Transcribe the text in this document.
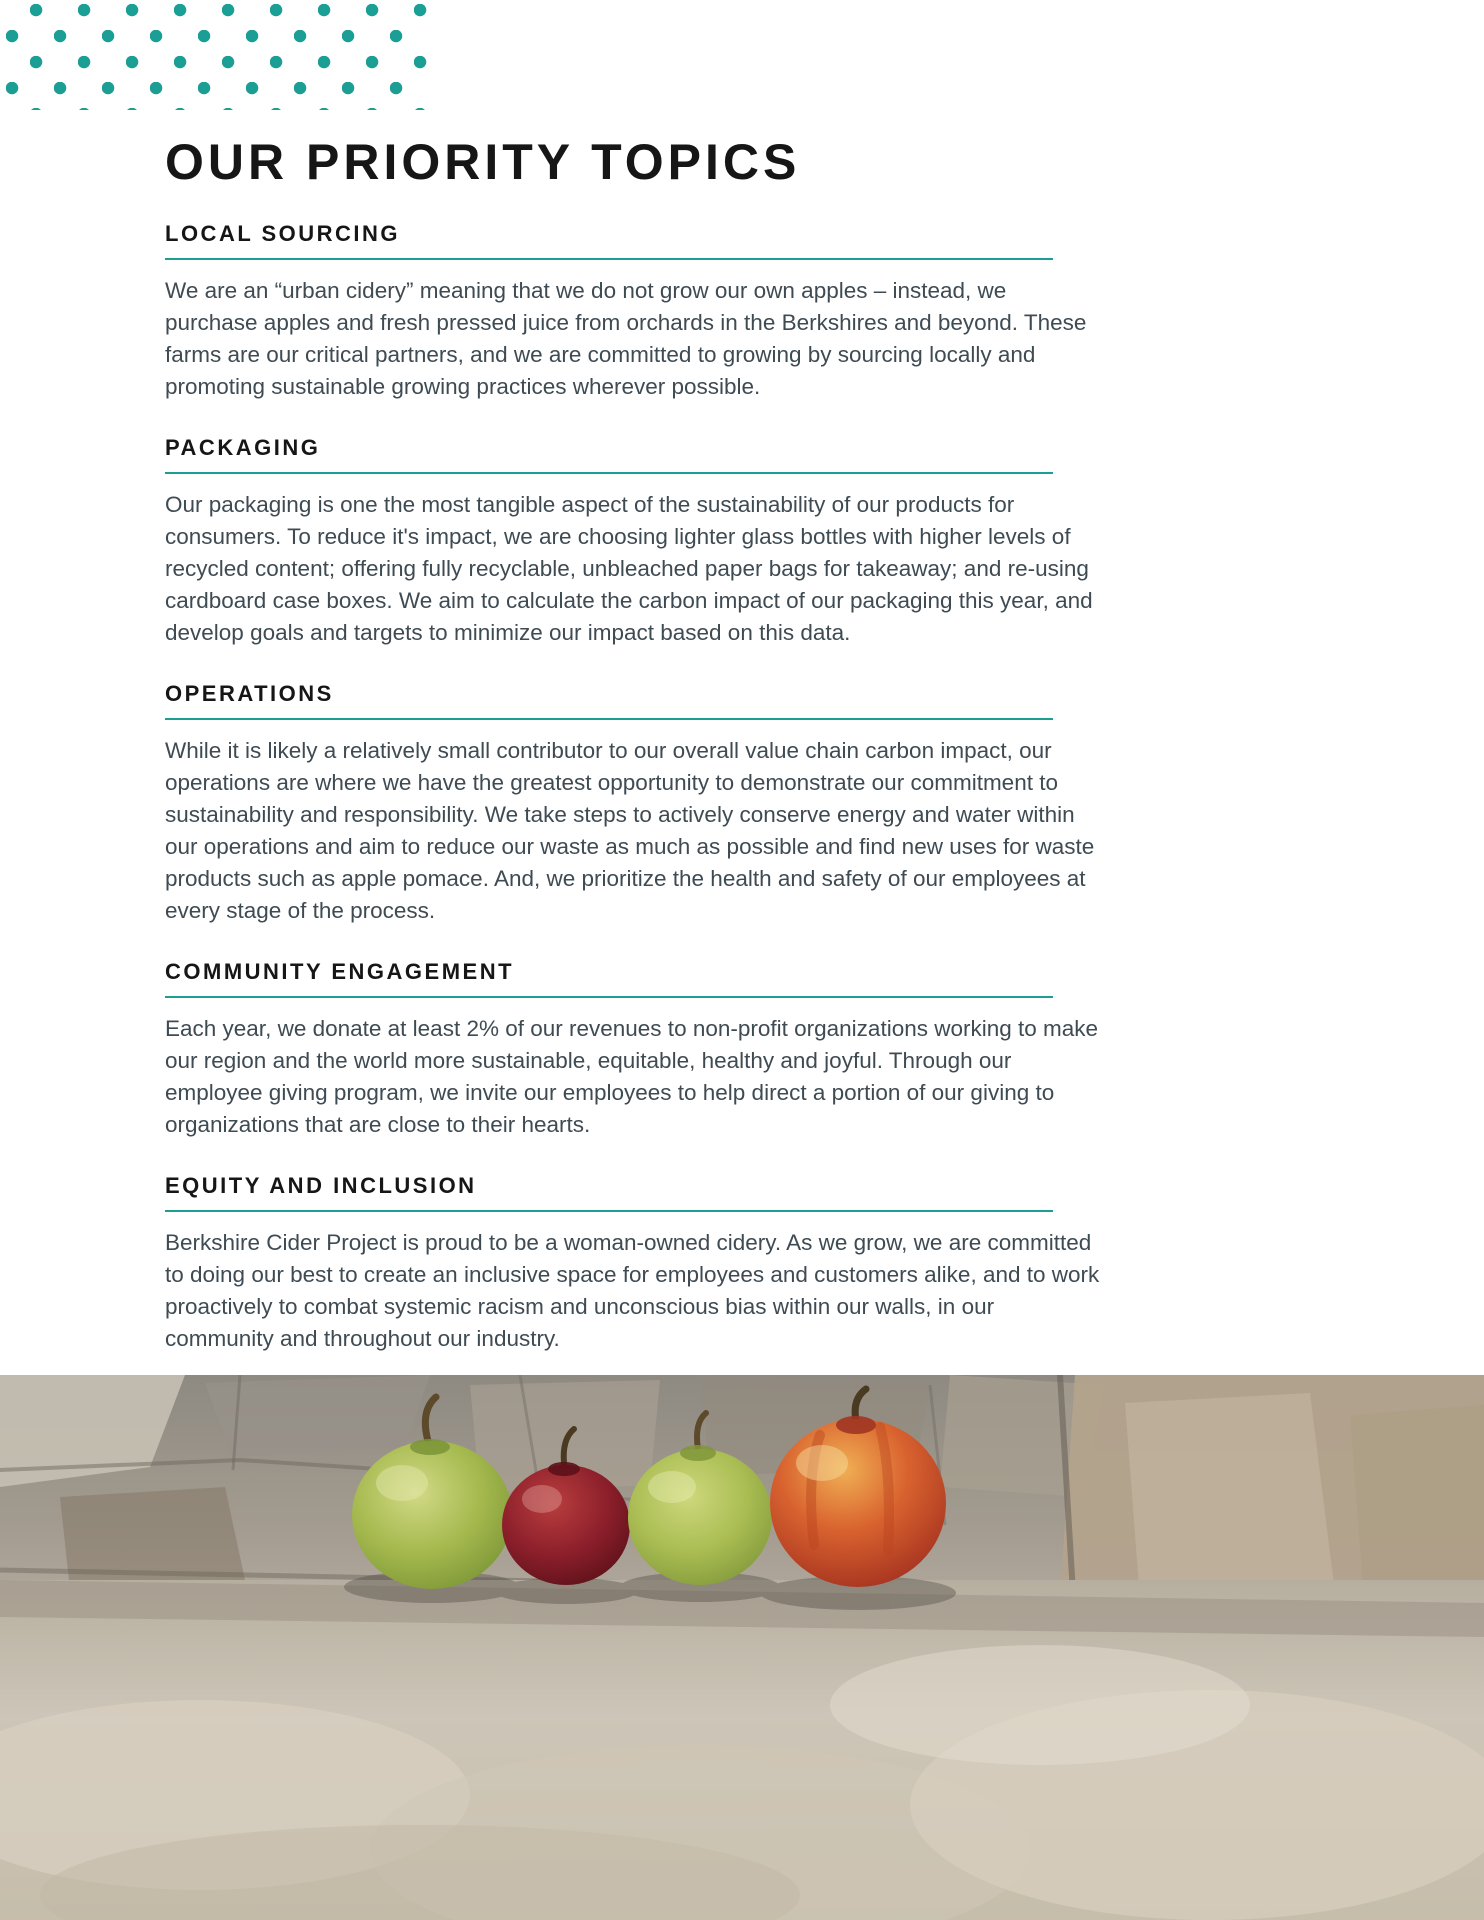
OUR PRIORITY TOPICS
LOCAL SOURCING

We are an “urban cidery” meaning that we do not grow our own apples – instead, we purchase apples and fresh pressed juice from orchards in the Berkshires and beyond. These farms are our critical partners, and we are committed to growing by sourcing locally and promoting sustainable growing practices wherever possible.

PACKAGING

Our packaging is one the most tangible aspect of the sustainability of our products for consumers. To reduce it's impact, we are choosing lighter glass bottles with higher levels of recycled content; offering fully recyclable, unbleached paper bags for takeaway; and re-using cardboard case boxes. We aim to calculate the carbon impact of our packaging this year, and develop goals and targets to minimize our impact based on this data.

OPERATIONS

While it is likely a relatively small contributor to our overall value chain carbon impact, our operations are where we have the greatest opportunity to demonstrate our commitment to sustainability and responsibility. We take steps to actively conserve energy and water within our operations and aim to reduce our waste as much as possible and find new uses for waste products such as apple pomace. And, we prioritize the health and safety of our employees at every stage of the process.

COMMUNITY ENGAGEMENT

Each year, we donate at least 2% of our revenues to non-profit organizations working to make our region and the world more sustainable, equitable, healthy and joyful. Through our employee giving program, we invite our employees to help direct a portion of our giving to organizations that are close to their hearts.

EQUITY AND INCLUSION

Berkshire Cider Project is proud to be a woman-owned cidery. As we grow, we are committed to doing our best to create an inclusive space for employees and customers alike, and to work proactively to combat systemic racism and unconscious bias within our walls, in our community and throughout our industry.
